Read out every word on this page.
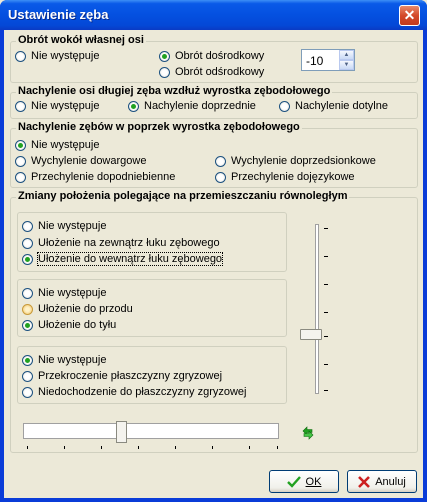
Ustawienie zęba	✕
Obrót wokół własnej osi
Nie występuje	Obrót dośrodkowy
Obrót odśrodkowy
-10	▲
▼
Nachylenie osi długiej zęba wzdłuż wyrostka zębodołowego
Nie występuje	Nachylenie doprzednie	Nachylenie dotylne
Nachylenie zębów w poprzek wyrostka zębodołowego
Nie występuje
Wychylenie dowargowe	Wychylenie doprzedsionkowe
Przechylenie dopodniebienne	Przechylenie dojęzykowe
Zmiany położenia polegające na przemieszczaniu równoległym
Nie występuje
Ułożenie na zewnątrz łuku zębowego
Ułożenie do wewnątrz łuku zębowego
Nie występuje
Ułożenie do przodu
Ułożenie do tyłu
Nie występuje
Przekroczenie płaszczyzny zgryzowej
Niedochodzenie do płaszczyzny zgryzowej
OK	Anuluj
